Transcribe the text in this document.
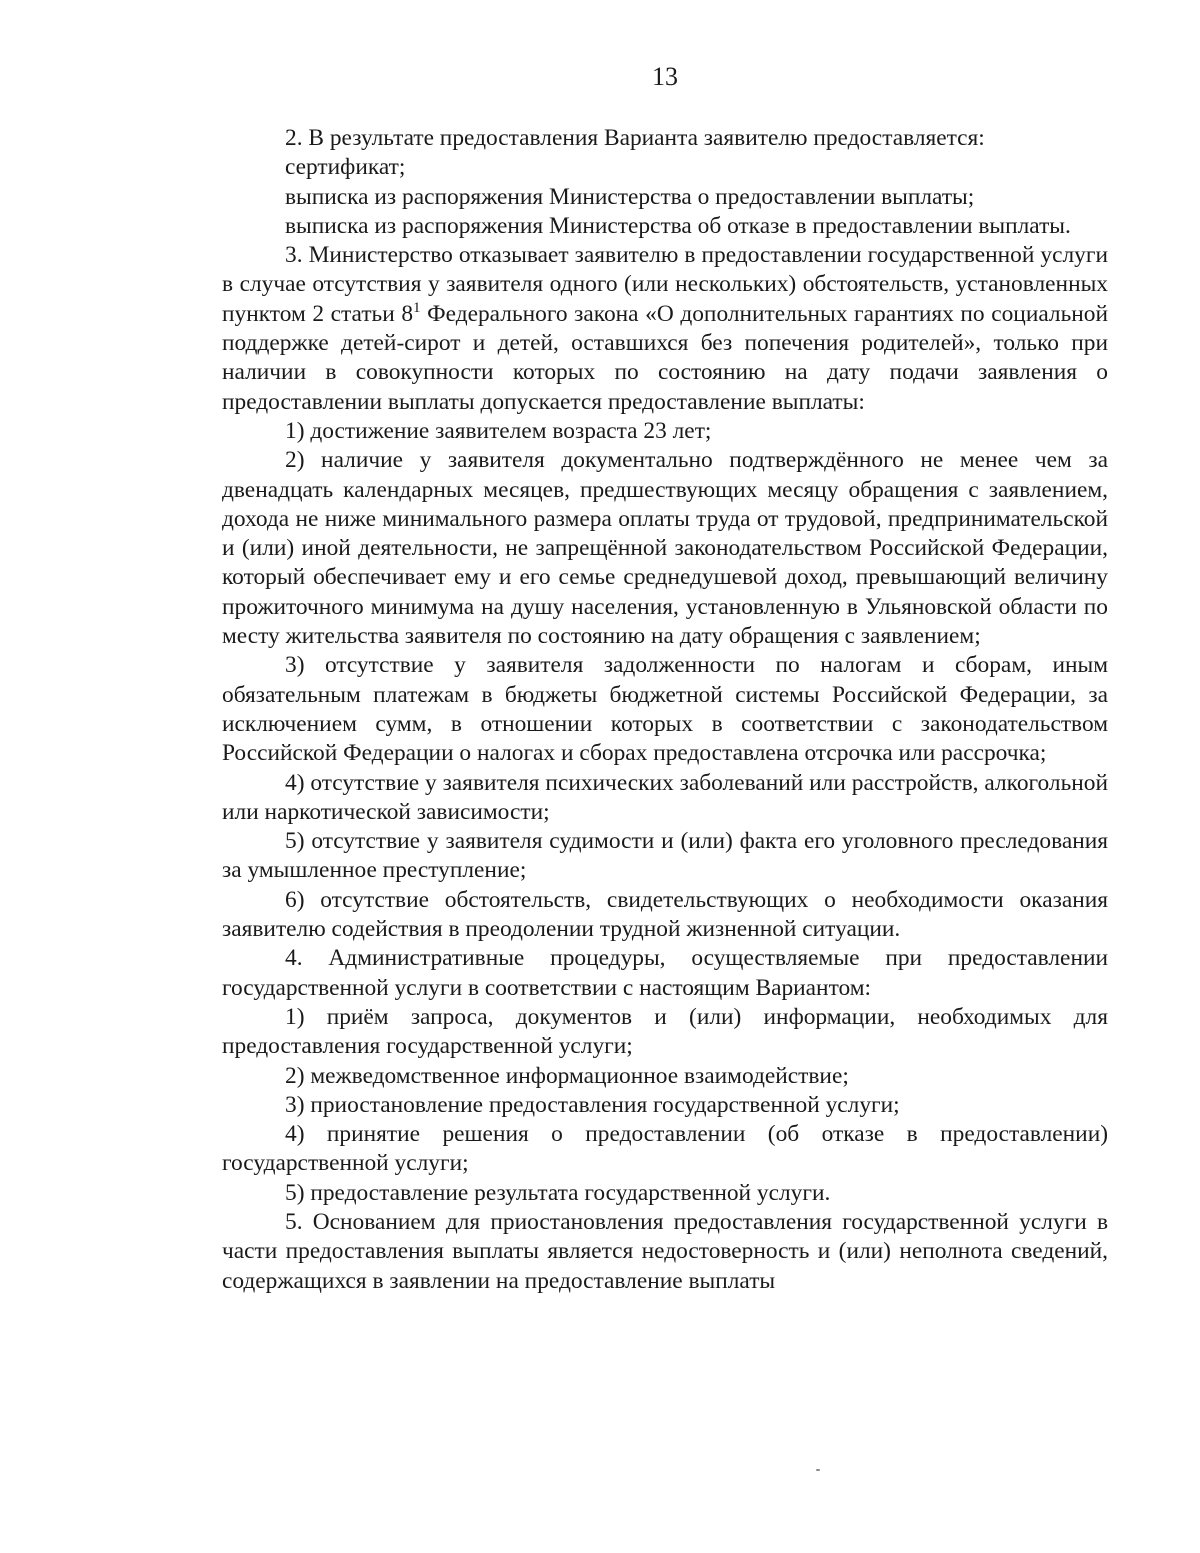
13

2. В результате предоставления Варианта заявителю предоставляется:

сертификат;

выписка из распоряжения Министерства о предоставлении выплаты;

выписка из распоряжения Министерства об отказе в предоставлении выплаты.

3. Министерство отказывает заявителю в предоставлении государственной услуги в случае отсутствия у заявителя одного (или нескольких) обстоятельств, установленных пунктом 2 статьи $8^1$ Федерального закона «О дополнительных гарантиях по социальной поддержке детей-сирот и детей, оставшихся без попечения родителей», только при наличии в совокупности которых по состоянию на дату подачи заявления о предоставлении выплаты допускается предоставление выплаты:

1) достижение заявителем возраста 23 лет;

2) наличие у заявителя документально подтверждённого не менее чем за двенадцать календарных месяцев, предшествующих месяцу обращения с заявлением, дохода не ниже минимального размера оплаты труда от трудовой, предпринимательской и (или) иной деятельности, не запрещённой законодательством Российской Федерации, который обеспечивает ему и его семье среднедушевой доход, превышающий величину прожиточного минимума на душу населения, установленную в Ульяновской области по месту жительства заявителя по состоянию на дату обращения с заявлением;

3) отсутствие у заявителя задолженности по налогам и сборам, иным обязательным платежам в бюджеты бюджетной системы Российской Федерации, за исключением сумм, в отношении которых в соответствии с законодательством Российской Федерации о налогах и сборах предоставлена отсрочка или рассрочка;

4) отсутствие у заявителя психических заболеваний или расстройств, алкогольной или наркотической зависимости;

5) отсутствие у заявителя судимости и (или) факта его уголовного преследования за умышленное преступление;

6) отсутствие обстоятельств, свидетельствующих о необходимости оказания заявителю содействия в преодолении трудной жизненной ситуации.

4. Административные процедуры, осуществляемые при предоставлении государственной услуги в соответствии с настоящим Вариантом:

1) приём запроса, документов и (или) информации, необходимых для предоставления государственной услуги;

2) межведомственное информационное взаимодействие;

3) приостановление предоставления государственной услуги;

4) принятие решения о предоставлении (об отказе в предоставлении) государственной услуги;

5) предоставление результата государственной услуги.

5. Основанием для приостановления предоставления государственной услуги в части предоставления выплаты является недостоверность и (или) неполнота сведений, содержащихся в заявлении на предоставление выплаты
